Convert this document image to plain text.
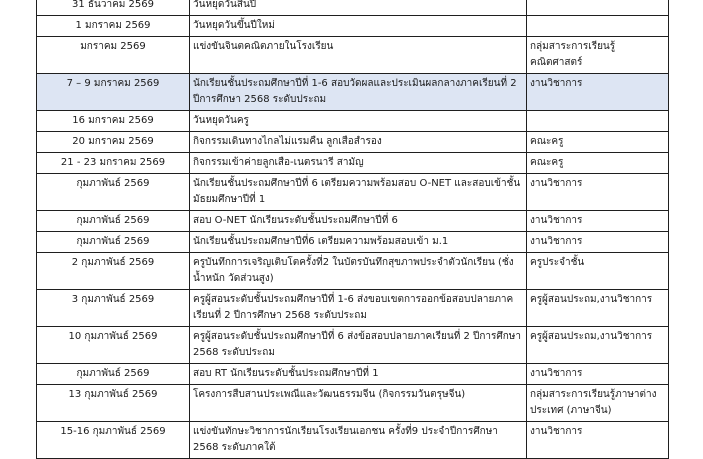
31 ธันวาคม 2569	วันหยุดวันสิ้นปี	
1 มกราคม 2569	วันหยุดวันขึ้นปีใหม่	
มกราคม 2569	แข่งขันจินตคณิตภายในโรงเรียน	กลุ่มสาระการเรียนรู้คณิตศาสตร์
7 – 9 มกราคม 2569	นักเรียนชั้นประถมศึกษาปีที่ 1-6 สอบวัดผลและประเมินผลกลางภาคเรียนที่ 2 ปีการศึกษา 2568 ระดับประถม	งานวิชาการ
16 มกราคม 2569	วันหยุดวันครู	
20 มกราคม 2569	กิจกรรมเดินทางไกลไม่แรมคืน ลูกเสือสำรอง	คณะครู
21 - 23 มกราคม 2569	กิจกรรมเข้าค่ายลูกเสือ-เนตรนารี สามัญ	คณะครู
กุมภาพันธ์ 2569	นักเรียนชั้นประถมศึกษาปีที่ 6 เตรียมความพร้อมสอบ O-NET และสอบเข้าชั้นมัธยมศึกษาปีที่ 1	งานวิชาการ
กุมภาพันธ์ 2569	สอบ O-NET นักเรียนระดับชั้นประถมศึกษาปีที่ 6	งานวิชาการ
กุมภาพันธ์ 2569	นักเรียนชั้นประถมศึกษาปีที่6 เตรียมความพร้อมสอบเข้า ม.1	งานวิชาการ
2 กุมภาพันธ์ 2569	ครูบันทึกการเจริญเติบโตครั้งที่2 ในบัตรบันทึกสุขภาพประจำตัวนักเรียน (ชั่งน้ำหนัก วัดส่วนสูง)	ครูประจำชั้น
3 กุมภาพันธ์ 2569	ครูผู้สอนระดับชั้นประถมศึกษาปีที่ 1-6 ส่งขอบเขตการออกข้อสอบปลายภาคเรียนที่ 2 ปีการศึกษา 2568 ระดับประถม	ครูผู้สอนประถม,งานวิชาการ
10 กุมภาพันธ์ 2569	ครูผู้สอนระดับชั้นประถมศึกษาปีที่ 6 ส่งข้อสอบปลายภาคเรียนที่ 2 ปีการศึกษา 2568 ระดับประถม	ครูผู้สอนประถม,งานวิชาการ
กุมภาพันธ์ 2569	สอบ RT นักเรียนระดับชั้นประถมศึกษาปีที่ 1	งานวิชาการ
13 กุมภาพันธ์ 2569	โครงการสืบสานประเพณีและวัฒนธรรมจีน (กิจกรรมวันตรุษจีน)	กลุ่มสาระการเรียนรู้ภาษาต่างประเทศ (ภาษาจีน)
15-16 กุมภาพันธ์ 2569	แข่งขันทักษะวิชาการนักเรียนโรงเรียนเอกชน ครั้งที่9 ประจำปีการศึกษา 2568 ระดับภาคใต้	งานวิชาการ
